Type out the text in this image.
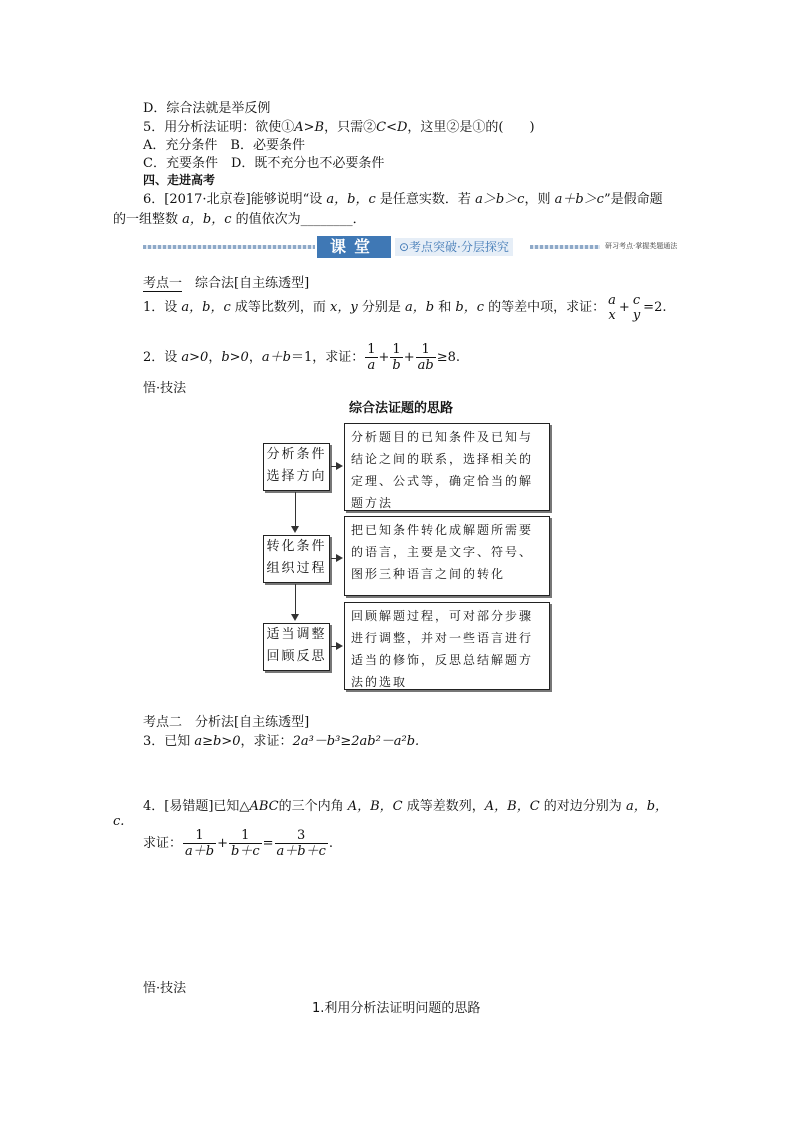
D．综合法就是举反例
5．用分析法证明：欲使①A>B，只需②C<D，这里②是①的(　　)
A．充分条件　B．必要条件
C．充要条件　D．既不充分也不必要条件
四、走进高考
6．[2017·北京卷]能够说明“设 a，b，c 是任意实数．若 a＞b＞c，则 a＋b＞c”是假命题
的一组整数 a，b，c 的值依次为________．
课堂	⊙考点突破·分层探究	研习考点·掌握类题通法
考点一　 综合法[自主练透型]
1．设 a，b，c 成等比数列，而 x，y 分别是 a，b 和 b，c 的等差中项，求证： a
x + c
y =2.
2．设 a>0，b>0，a＋b＝1，求证： $\frac{1}{a} + \frac{1}{b} + \frac{1}{ab} \ge 8$.
悟·技法
综合法证题的思路
分析条件选择方向
转化条件组织过程
适当调整回顾反思
分析题目的已知条件及已知与结论之间的联系，选择相关的定理、公式等，确定恰当的解题方法
把已知条件转化成解题所需要的语言，主要是文字、符号、图形三种语言之间的转化
回顾解题过程，可对部分步骤进行调整，并对一些语言进行适当的修饰，反思总结解题方法的选取
考点二　 分析法[自主练透型]
3．已知 a≥b>0，求证：2a³－b³≥2ab²－a²b.
4．[易错题]已知△ABC的三个内角 A，B，C 成等差数列，A，B，C 的对边分别为 a，b，
c.
求证： $\frac{1}{a+b} + \frac{1}{b+c} = \frac{3}{a+b+c}$ .
悟·技法
1.利用分析法证明问题的思路
